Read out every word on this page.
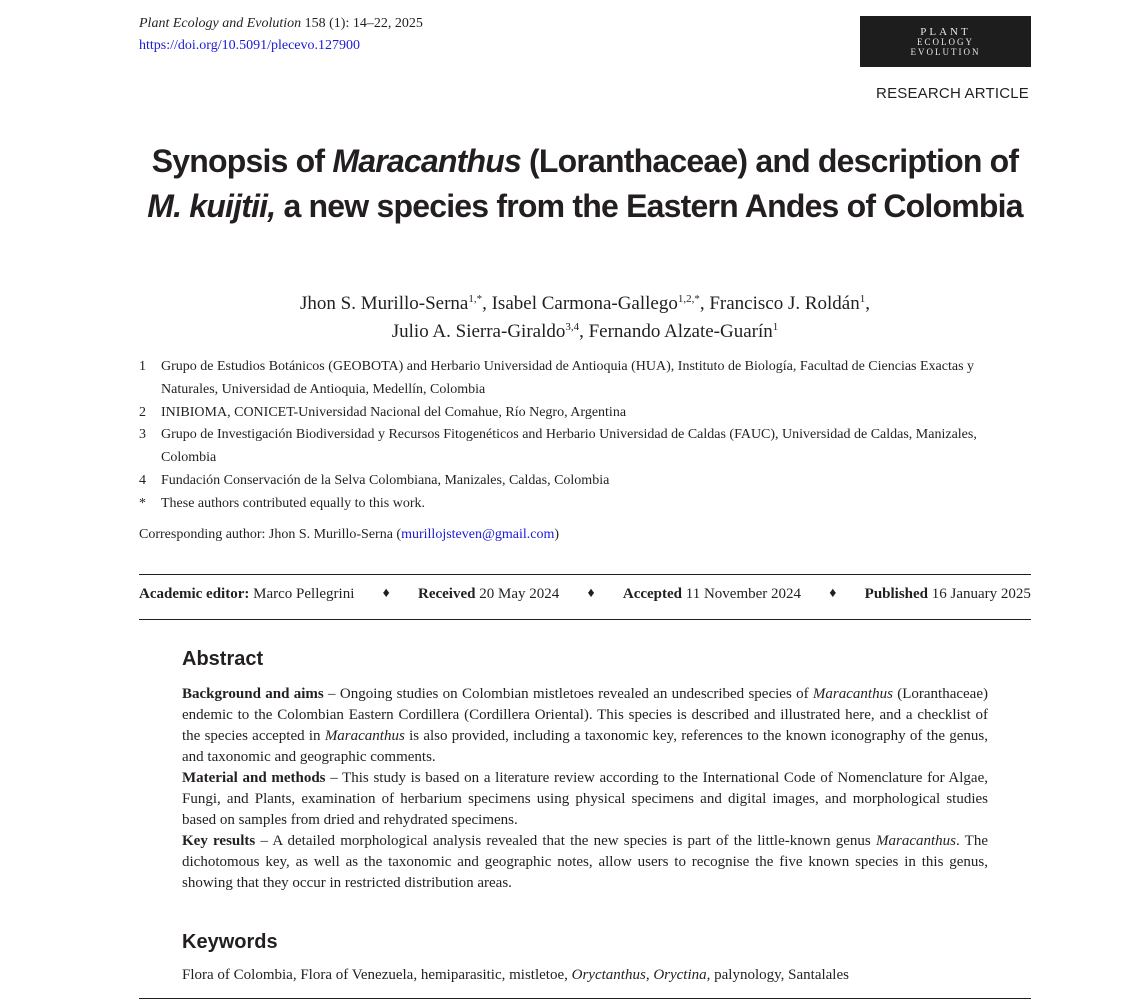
Plant Ecology and Evolution 158 (1): 14–22, 2025
https://doi.org/10.5091/plecevo.127900
PLANT
ECOLOGY
EVOLUTION
RESEARCH ARTICLE
Synopsis of Maracanthus (Loranthaceae) and description of
M. kuijtii, a new species from the Eastern Andes of Colombia
Jhon S. Murillo-Serna$^{1,*}$, Isabel Carmona-Gallego$^{1,2,*}$, Francisco J. Roldán$^1$,
Julio A. Sierra-Giraldo$^{3,4}$, Fernando Alzate-Guarín$^1$
1	Grupo de Estudios Botánicos (GEOBOTA) and Herbario Universidad de Antioquia (HUA), Instituto de Biología, Facultad de Ciencias Exactas y Naturales, Universidad de Antioquia, Medellín, Colombia
2	INIBIOMA, CONICET-Universidad Nacional del Comahue, Río Negro, Argentina
3	Grupo de Investigación Biodiversidad y Recursos Fitogenéticos and Herbario Universidad de Caldas (FAUC), Universidad de Caldas, Manizales, Colombia
4	Fundación Conservación de la Selva Colombiana, Manizales, Caldas, Colombia
*	These authors contributed equally to this work.
Corresponding author: Jhon S. Murillo-Serna (murillojsteven@gmail.com)
Academic editor: Marco Pellegrini ♦ Received 20 May 2024 ♦ Accepted 11 November 2024 ♦ Published 16 January 2025
Abstract

Background and aims – Ongoing studies on Colombian mistletoes revealed an undescribed species of Maracanthus (Loranthaceae) endemic to the Colombian Eastern Cordillera (Cordillera Oriental). This species is described and illustrated here, and a checklist of the species accepted in Maracanthus is also provided, including a taxonomic key, references to the known iconography of the genus, and taxonomic and geographic comments.

Material and methods – This study is based on a literature review according to the International Code of Nomenclature for Algae, Fungi, and Plants, examination of herbarium specimens using physical specimens and digital images, and morphological studies based on samples from dried and rehydrated specimens.

Key results – A detailed morphological analysis revealed that the new species is part of the little-known genus Maracanthus. The dichotomous key, as well as the taxonomic and geographic notes, allow users to recognise the five known species in this genus, showing that they occur in restricted distribution areas.

Keywords
Flora of Colombia, Flora of Venezuela, hemiparasitic, mistletoe, Oryctanthus, Oryctina, palynology, Santalales
